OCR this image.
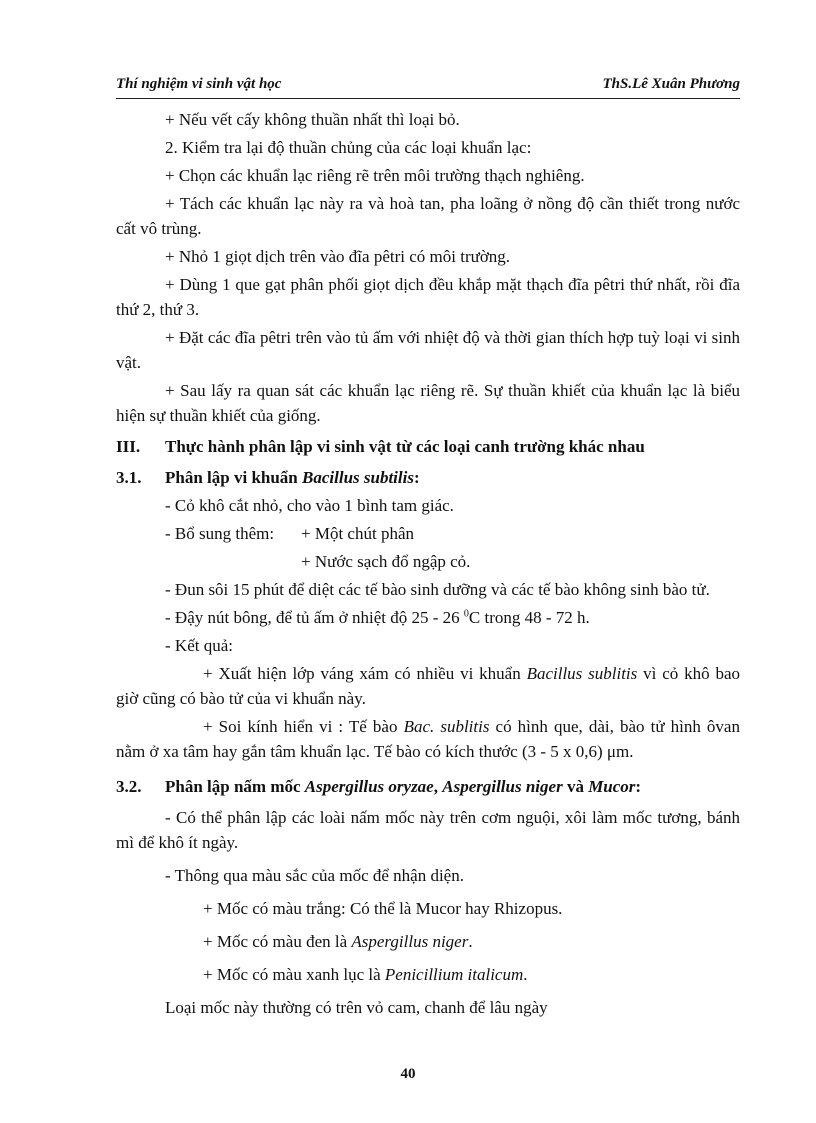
Thí nghiệm vi sinh vật học	ThS.Lê Xuân Phương

+ Nếu vết cấy không thuần nhất thì loại bỏ.

2. Kiểm tra lại độ thuần chủng của các loại khuẩn lạc:

+ Chọn các khuẩn lạc riêng rẽ trên môi trường thạch nghiêng.

+ Tách các khuẩn lạc này ra và hoà tan, pha loãng ở nồng độ cần thiết trong nước cất vô trùng.

+ Nhỏ 1 giọt dịch trên vào đĩa pêtri có môi trường.

+ Dùng 1 que gạt phân phối giọt dịch đều khắp mặt thạch đĩa pêtri thứ nhất, rồi đĩa thứ 2, thứ 3.

+ Đặt các đĩa pêtri trên vào tủ ấm với nhiệt độ và thời gian thích hợp tuỳ loại vi sinh vật.

+ Sau lấy ra quan sát các khuẩn lạc riêng rẽ. Sự thuần khiết của khuẩn lạc là biểu hiện sự thuần khiết của giống.

III. Thực hành phân lập vi sinh vật từ các loại canh trường khác nhau
3.1. Phân lập vi khuẩn Bacillus subtilis:

- Cỏ khô cắt nhỏ, cho vào 1 bình tam giác.

- Bổ sung thêm: + Một chút phân

+ Nước sạch đổ ngập cỏ.

- Đun sôi 15 phút để diệt các tế bào sinh dưỡng và các tế bào không sinh bào tử.

- Đậy nút bông, để tủ ấm ở nhiệt độ 25 - 26 $^0$C trong 48 - 72 h.

- Kết quả:

+ Xuất hiện lớp váng xám có nhiều vi khuẩn Bacillus sublitis vì cỏ khô bao giờ cũng có bào tử của vi khuẩn này.

+ Soi kính hiển vi : Tế bào Bac. sublitis có hình que, dài, bào tử hình ôvan nằm ở xa tâm hay gắn tâm khuẩn lạc. Tế bào có kích thước (3 - 5 x 0,6) μm.

3.2. Phân lập nấm mốc Aspergillus oryzae, Aspergillus niger và Mucor:

- Có thể phân lập các loài nấm mốc này trên cơm nguội, xôi làm mốc tương, bánh mì để khô ít ngày.

- Thông qua màu sắc của mốc để nhận diện.

+ Mốc có màu trắng: Có thể là Mucor hay Rhizopus.

+ Mốc có màu đen là Aspergillus niger.

+ Mốc có màu xanh lục là Penicillium italicum.

Loại mốc này thường có trên vỏ cam, chanh để lâu ngày

40
